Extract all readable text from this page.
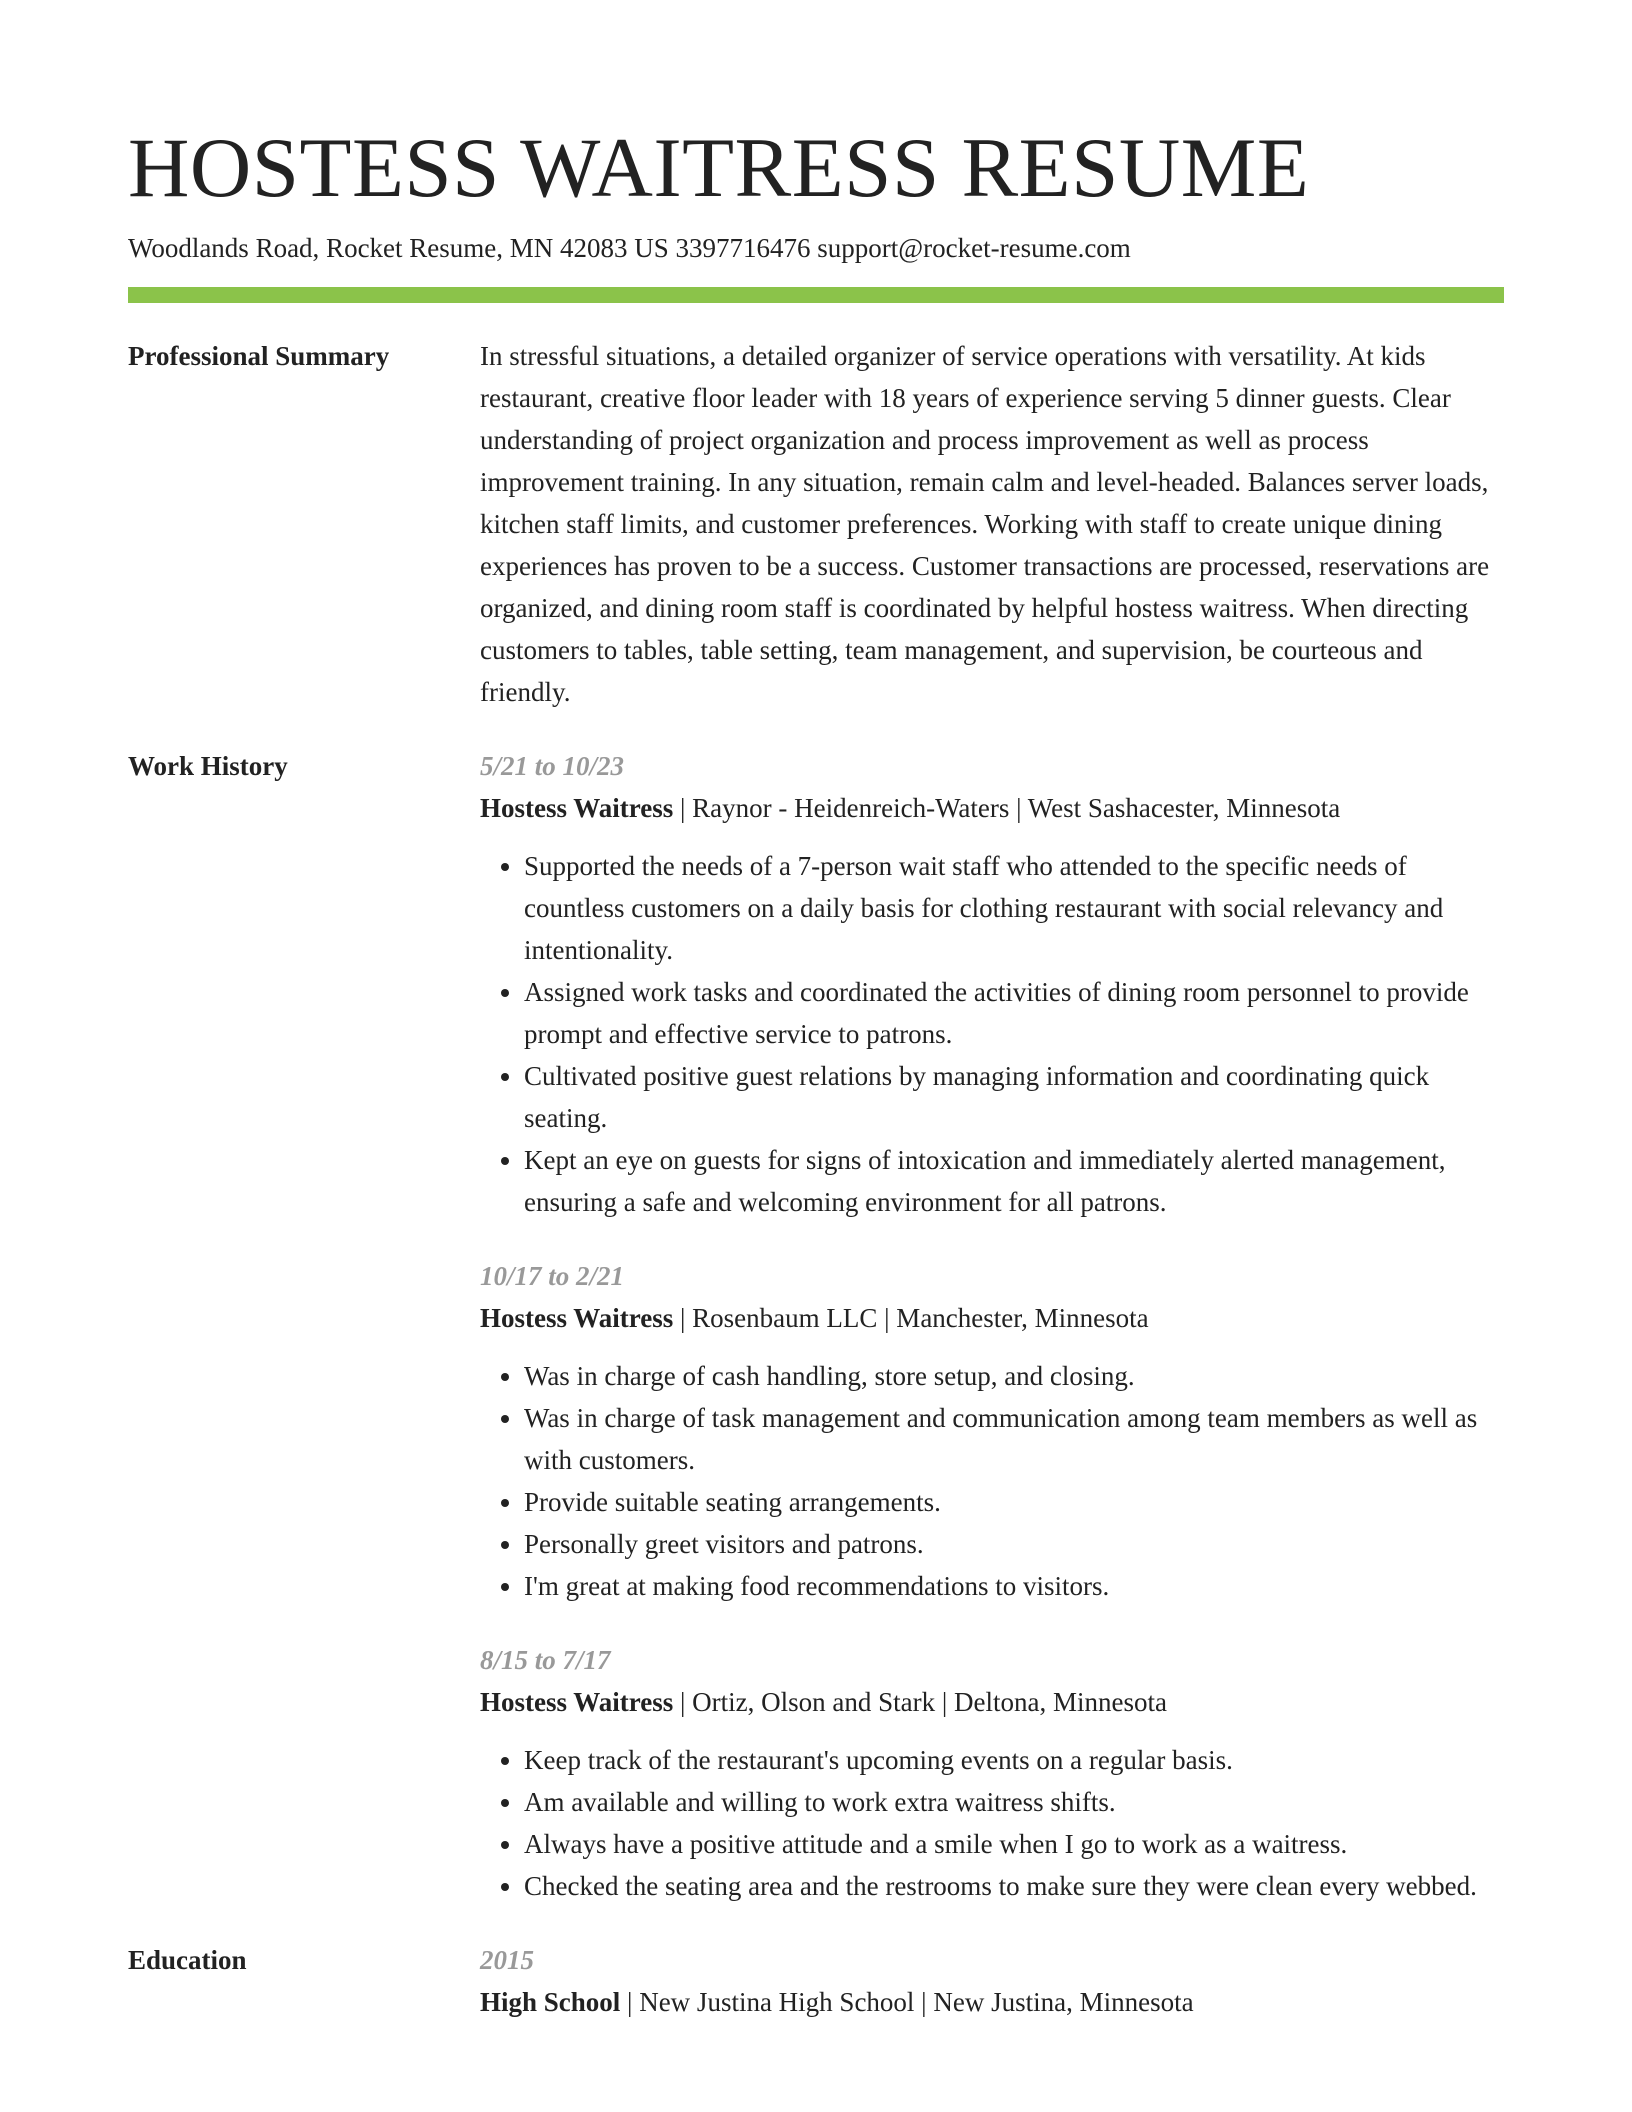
HOSTESS WAITRESS RESUME
Woodlands Road, Rocket Resume, MN 42083 US 3397716476 support@rocket-resume.com
Professional Summary	In stressful situations, a detailed organizer of service operations with versatility. At kids restaurant, creative floor leader with 18 years of experience serving 5 dinner guests. Clear understanding of project organization and process improvement as well as process improvement training. In any situation, remain calm and level-headed. Balances server loads, kitchen staff limits, and customer preferences. Working with staff to create unique dining experiences has proven to be a success. Customer transactions are processed, reservations are organized, and dining room staff is coordinated by helpful hostess waitress. When directing customers to tables, table setting, team management, and supervision, be courteous and friendly.
Work History	5/21 to 10/23
Hostess Waitress | Raynor - Heidenreich-Waters | West Sashacester, Minnesota
• Supported the needs of a 7-person wait staff who attended to the specific needs of countless customers on a daily basis for clothing restaurant with social relevancy and intentionality.
• Assigned work tasks and coordinated the activities of dining room personnel to provide prompt and effective service to patrons.
• Cultivated positive guest relations by managing information and coordinating quick seating.
• Kept an eye on guests for signs of intoxication and immediately alerted management, ensuring a safe and welcoming environment for all patrons.
10/17 to 2/21
Hostess Waitress | Rosenbaum LLC | Manchester, Minnesota
• Was in charge of cash handling, store setup, and closing.
• Was in charge of task management and communication among team members as well as with customers.
• Provide suitable seating arrangements.
• Personally greet visitors and patrons.
• I'm great at making food recommendations to visitors.
8/15 to 7/17
Hostess Waitress | Ortiz, Olson and Stark | Deltona, Minnesota
• Keep track of the restaurant's upcoming events on a regular basis.
• Am available and willing to work extra waitress shifts.
• Always have a positive attitude and a smile when I go to work as a waitress.
• Checked the seating area and the restrooms to make sure they were clean every webbed.
Education	2015
High School | New Justina High School | New Justina, Minnesota
